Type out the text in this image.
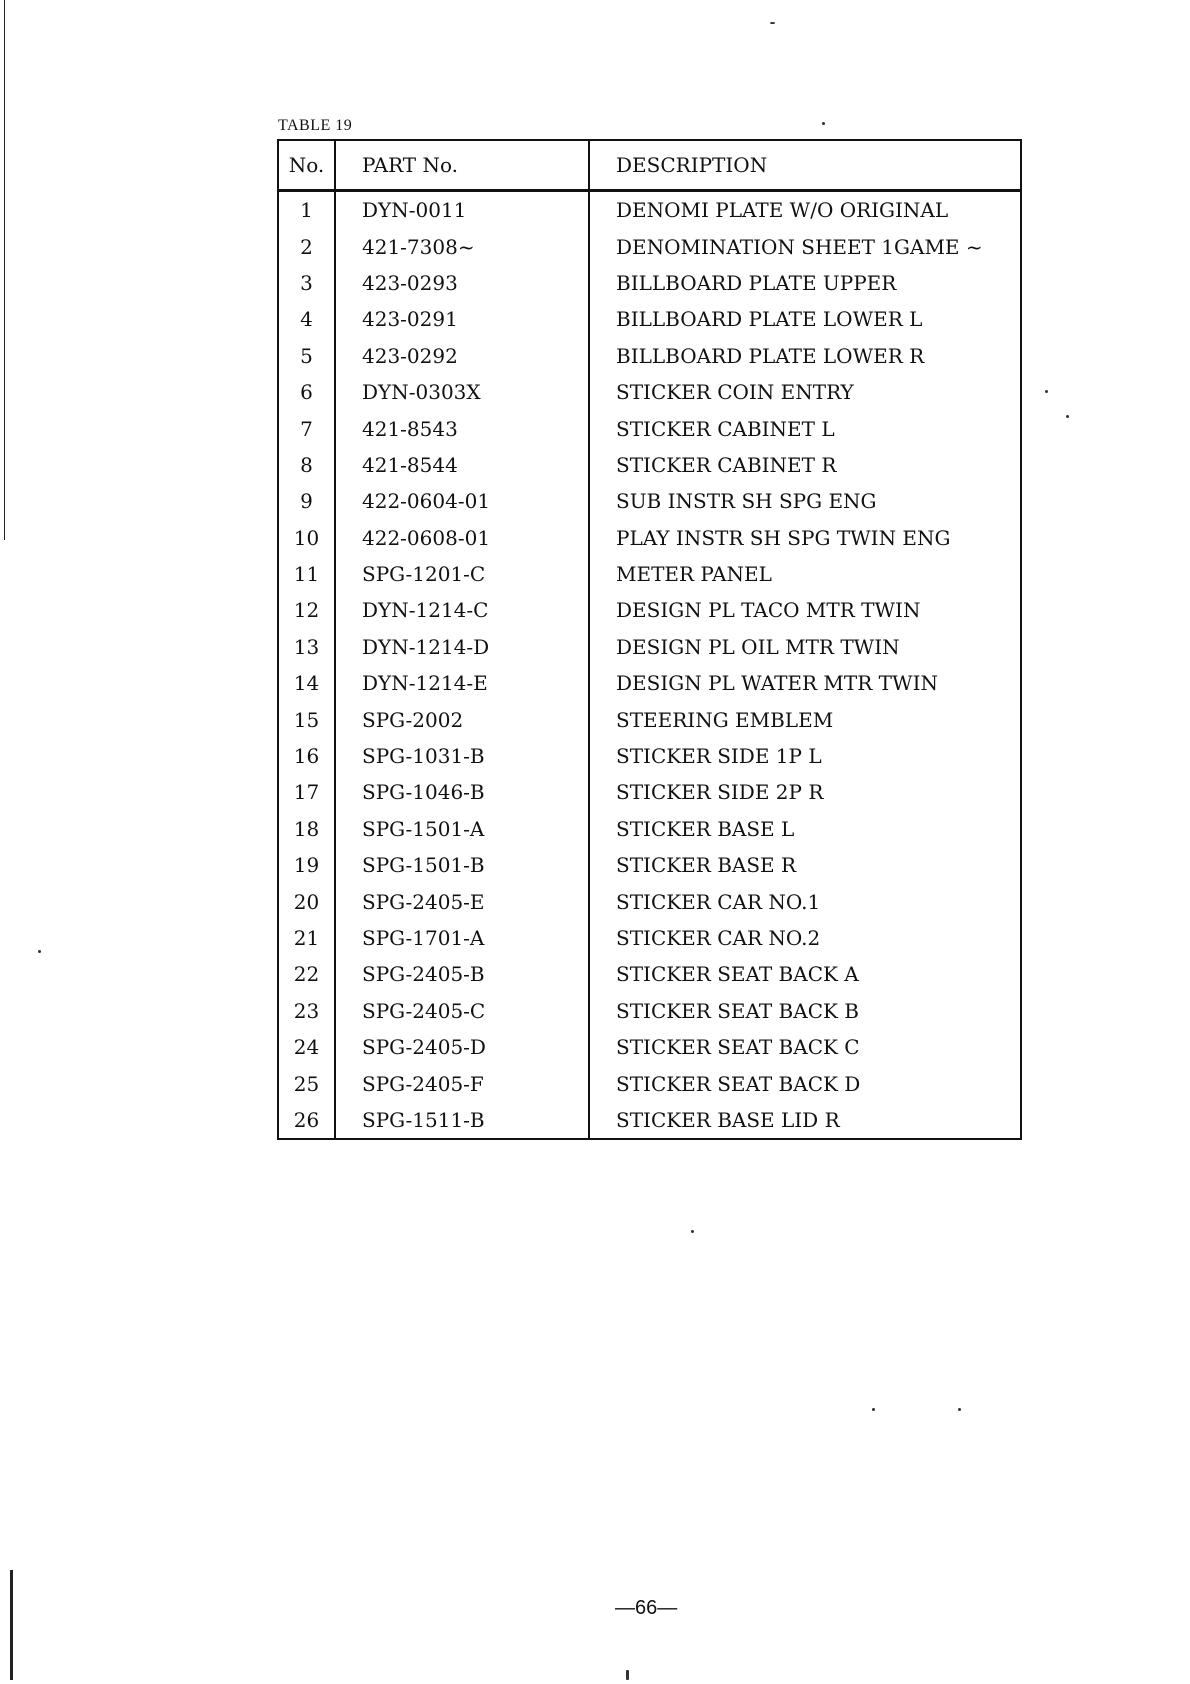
TABLE 19
No.	PART No.	DESCRIPTION
1	DYN-0011	DENOMI PLATE W/O ORIGINAL
2	421-7308~	DENOMINATION SHEET 1GAME ~
3	423-0293	BILLBOARD PLATE UPPER
4	423-0291	BILLBOARD PLATE LOWER L
5	423-0292	BILLBOARD PLATE LOWER R
6	DYN-0303X	STICKER COIN ENTRY
7	421-8543	STICKER CABINET L
8	421-8544	STICKER CABINET R
9	422-0604-01	SUB INSTR SH SPG ENG
10	422-0608-01	PLAY INSTR SH SPG TWIN ENG
11	SPG-1201-C	METER PANEL
12	DYN-1214-C	DESIGN PL TACO MTR TWIN
13	DYN-1214-D	DESIGN PL OIL MTR TWIN
14	DYN-1214-E	DESIGN PL WATER MTR TWIN
15	SPG-2002	STEERING EMBLEM
16	SPG-1031-B	STICKER SIDE 1P L
17	SPG-1046-B	STICKER SIDE 2P R
18	SPG-1501-A	STICKER BASE L
19	SPG-1501-B	STICKER BASE R
20	SPG-2405-E	STICKER CAR NO.1
21	SPG-1701-A	STICKER CAR NO.2
22	SPG-2405-B	STICKER SEAT BACK A
23	SPG-2405-C	STICKER SEAT BACK B
24	SPG-2405-D	STICKER SEAT BACK C
25	SPG-2405-F	STICKER SEAT BACK D
26	SPG-1511-B	STICKER BASE LID R
—66—
